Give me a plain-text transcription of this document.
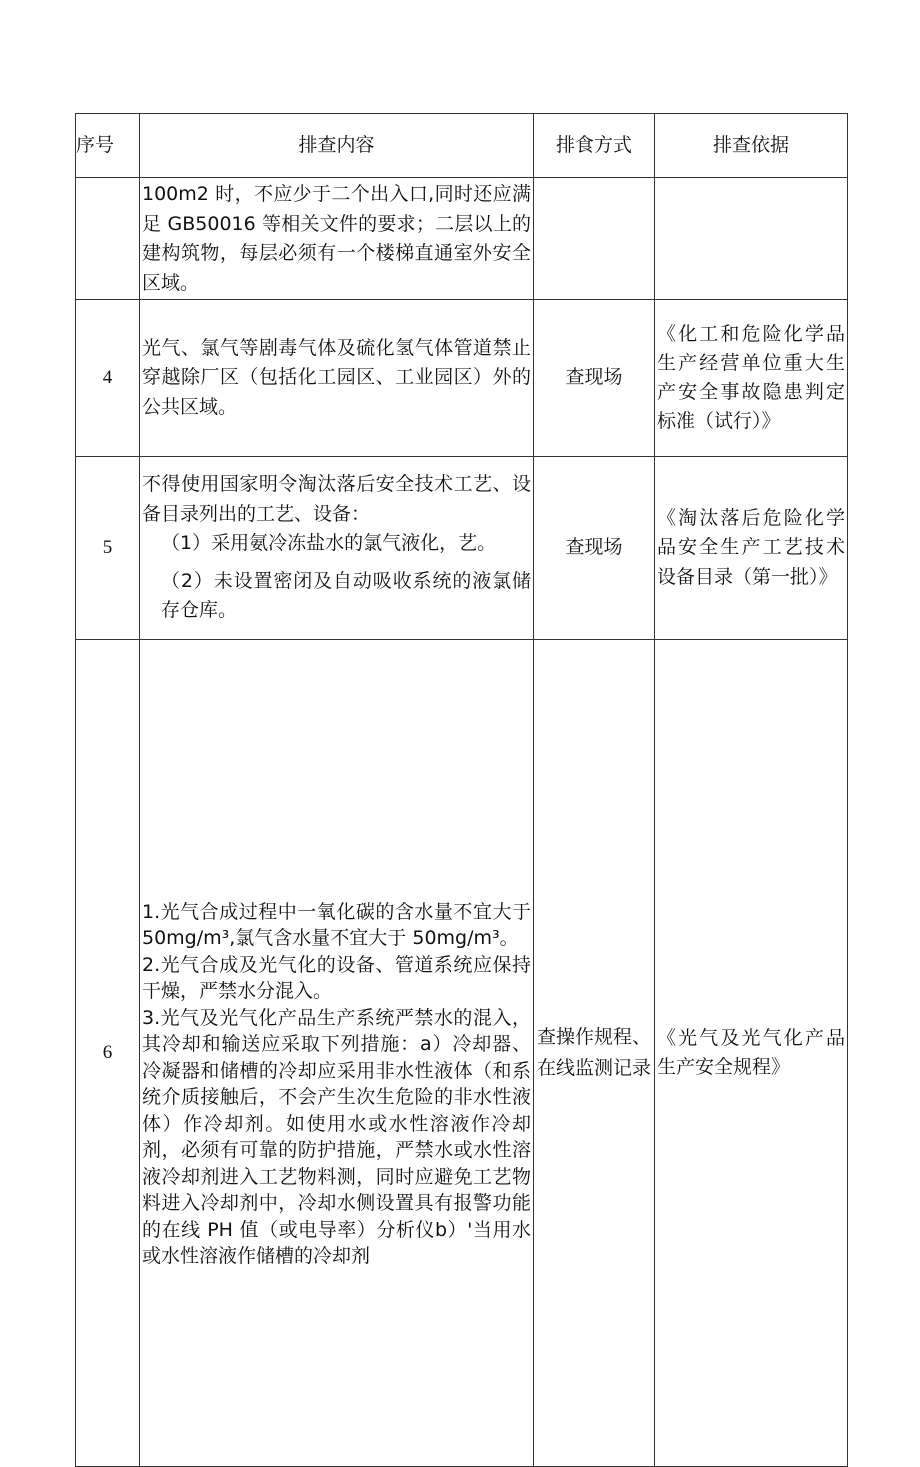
序号	排查内容	排食方式	排查依据
	100m2 时，不应少于二个出入口,同时还应满足 GB50016 等相关文件的要求；二层以上的建构筑物，每层必须有一个楼梯直通室外安全区域。		
4	光气、氯气等剧毒气体及硫化氢气体管道禁止穿越除厂区（包括化工园区、工业园区）外的公共区域。	查现场	《化工和危险化学品生产经营单位重大生产安全事故隐患判定标准（试行）》
5	不得使用国家明令淘汰落后安全技术工艺、设备目录列出的工艺、设备：
（1）采用氨冷冻盐水的氯气液化，艺。
（2）未设置密闭及自动吸收系统的液氯储存仓库。	查现场	《淘汰落后危险化学品安全生产工艺技术设备目录（第一批）》
6	1.光气合成过程中一氧化碳的含水量不宜大于 50mg/m³,氯气含水量不宜大于 50mg/m³。
2.光气合成及光气化的设备、管道系统应保持干燥，严禁水分混入。
3.光气及光气化产品生产系统严禁水的混入，其冷却和输送应采取下列措施：a）冷却器、冷凝器和储槽的冷却应采用非水性液体（和系统介质接触后，不会产生次生危险的非水性液体）作冷却剂。如使用水或水性溶液作冷却剂，必须有可靠的防护措施，严禁水或水性溶液冷却剂进入工艺物料测，同时应避免工艺物料进入冷却剂中，冷却水侧设置具有报警功能的在线 PH 值（或电导率）分析仪b）'当用水或水性溶液作储槽的冷却剂	查操作规程、在线监测记录	《光气及光气化产品生产安全规程》
